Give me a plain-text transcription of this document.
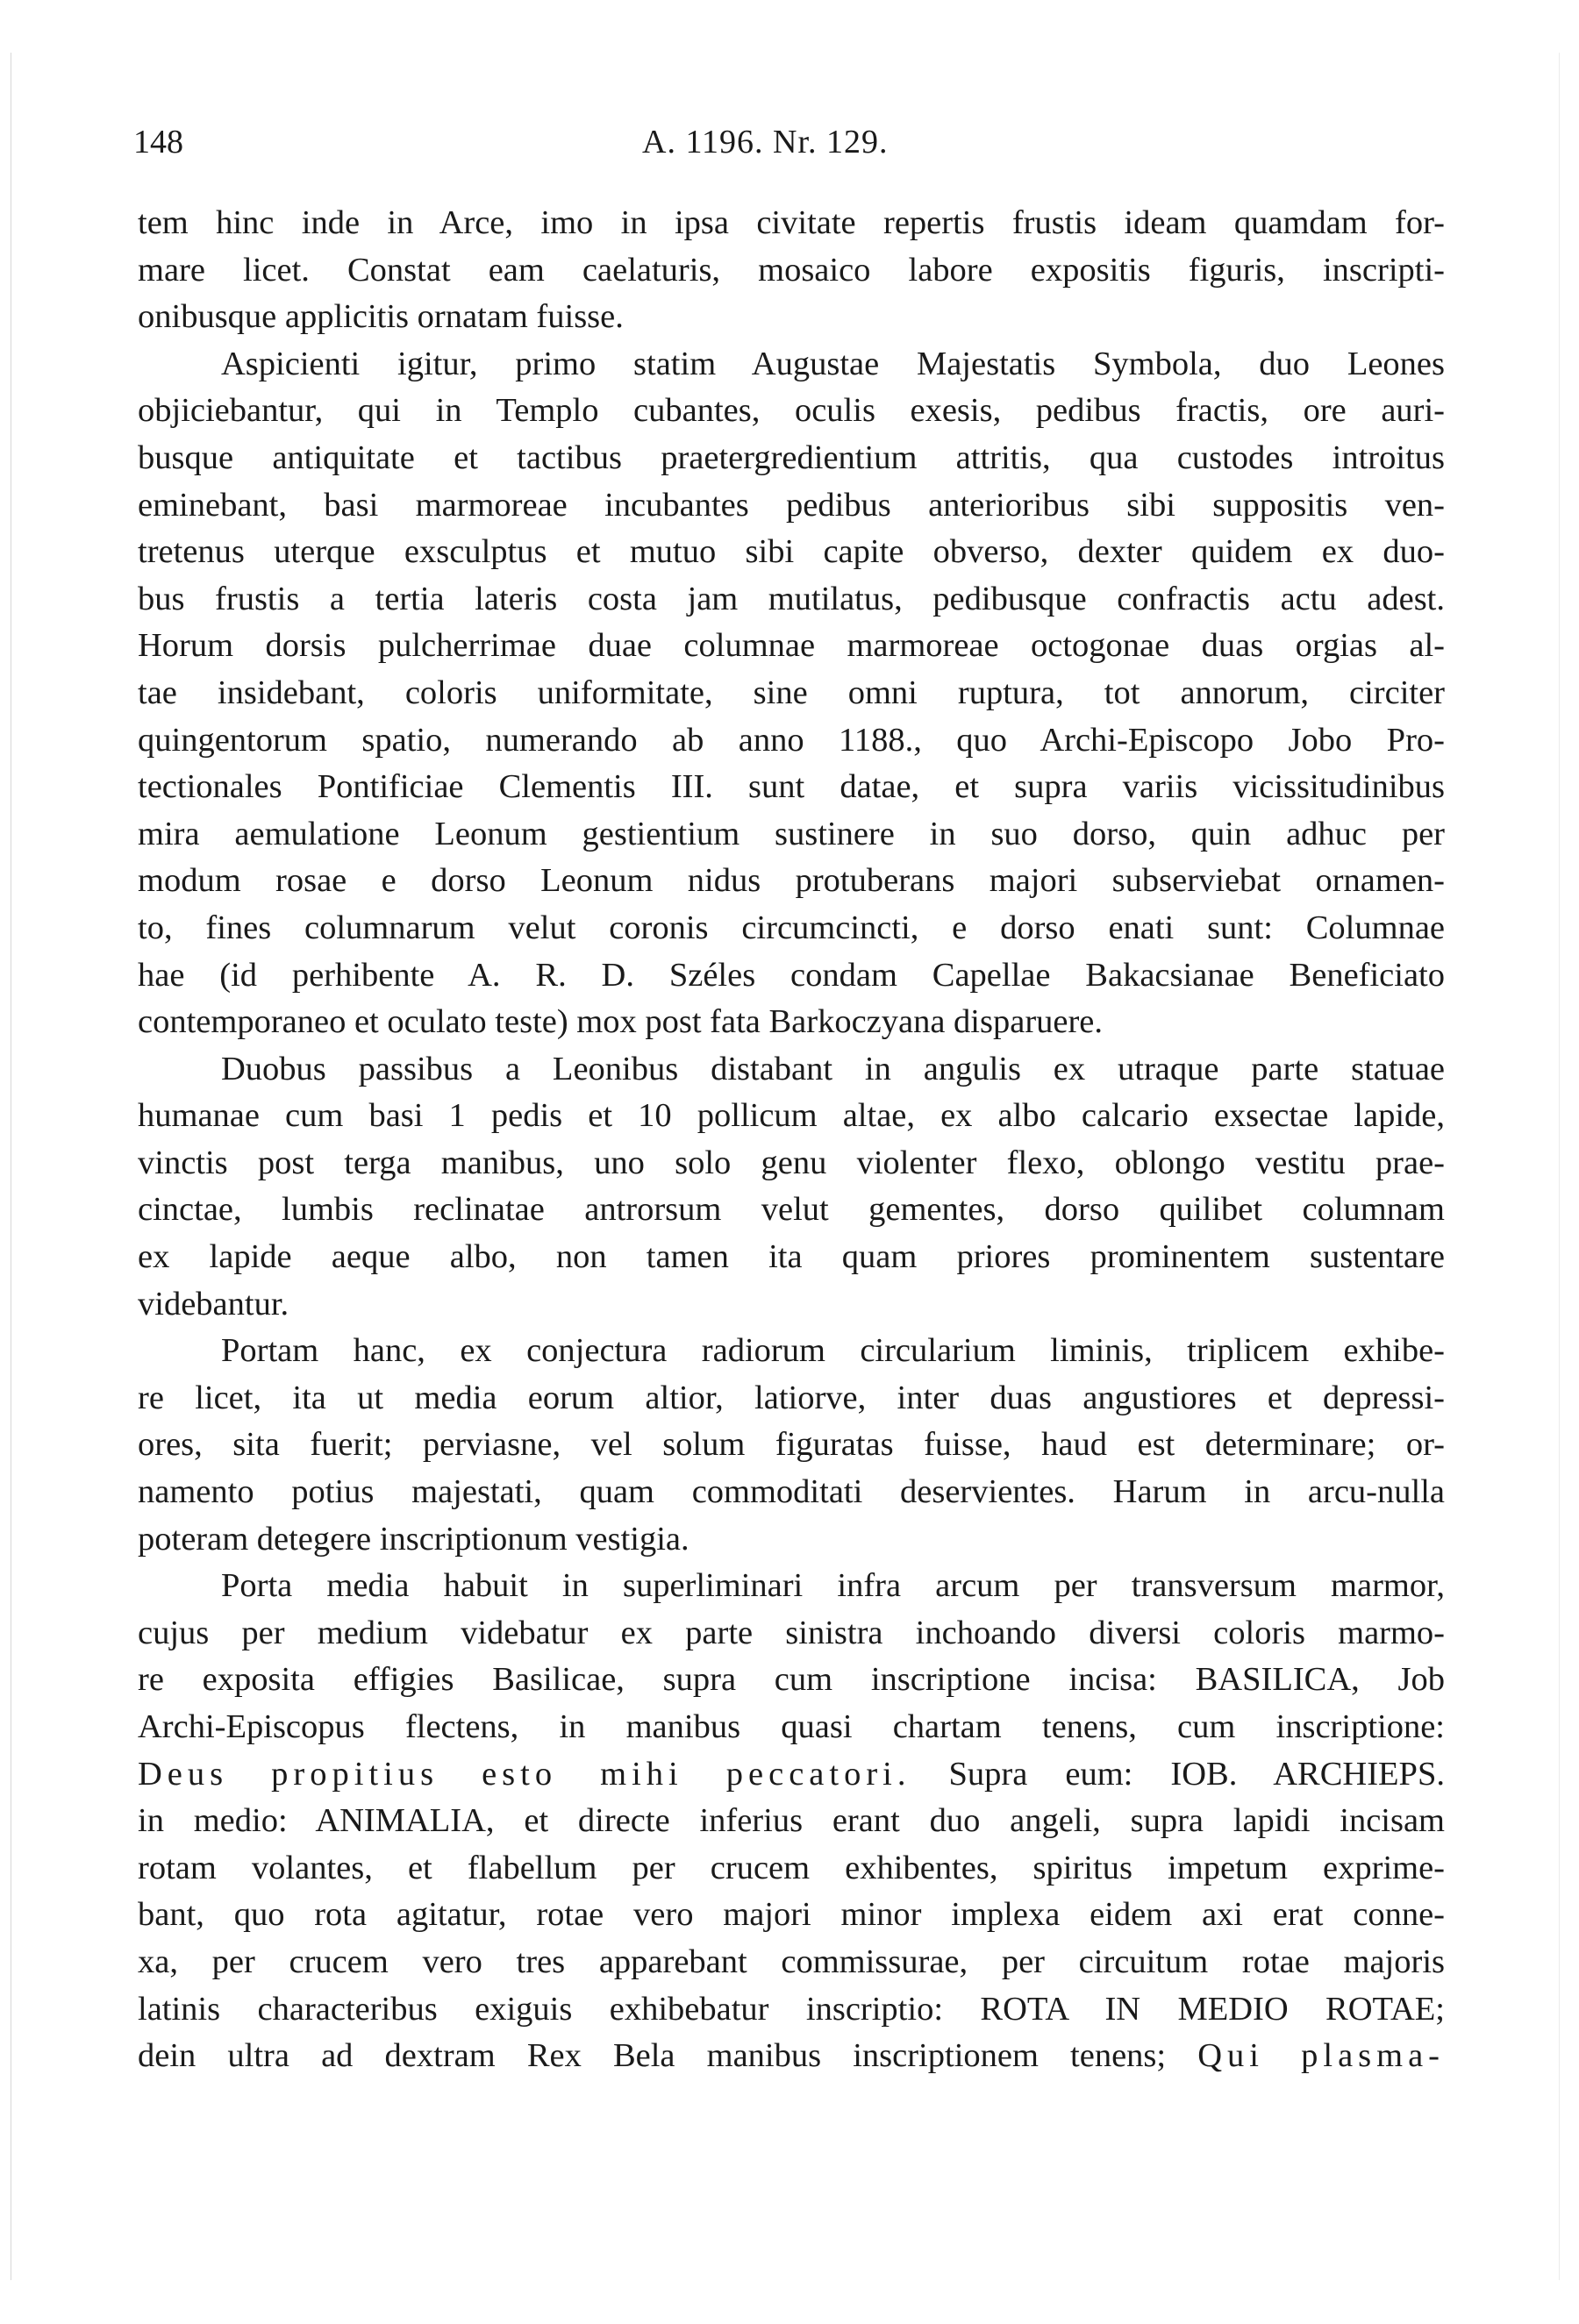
148	A. 1196. Nr. 129.
tem hinc inde in Arce, imo in ipsa civitate repertis frustis ideam quamdam for-
mare licet. Constat eam caelaturis, mosaico labore expositis figuris, inscripti-
onibusque applicitis ornatam fuisse.
Aspicienti igitur, primo statim Augustae Majestatis Symbola, duo Leones
objiciebantur, qui in Templo cubantes, oculis exesis, pedibus fractis, ore auri-
busque antiquitate et tactibus praetergredientium attritis, qua custodes introitus
eminebant, basi marmoreae incubantes pedibus anterioribus sibi suppositis ven-
tretenus uterque exsculptus et mutuo sibi capite obverso, dexter quidem ex duo-
bus frustis a tertia lateris costa jam mutilatus, pedibusque confractis actu adest.
Horum dorsis pulcherrimae duae columnae marmoreae octogonae duas orgias al-
tae insidebant, coloris uniformitate, sine omni ruptura, tot annorum, circiter
quingentorum spatio, numerando ab anno 1188., quo Archi-Episcopo Jobo Pro-
tectionales Pontificiae Clementis III. sunt datae, et supra variis vicissitudinibus
mira aemulatione Leonum gestientium sustinere in suo dorso, quin adhuc per
modum rosae e dorso Leonum nidus protuberans majori subserviebat ornamen-
to, fines columnarum velut coronis circumcincti, e dorso enati sunt: Columnae
hae (id perhibente A. R. D. Széles condam Capellae Bakacsianae Beneficiato
contemporaneo et oculato teste) mox post fata Barkoczyana disparuere.
Duobus passibus a Leonibus distabant in angulis ex utraque parte statuae
humanae cum basi 1 pedis et 10 pollicum altae, ex albo calcario exsectae lapide,
vinctis post terga manibus, uno solo genu violenter flexo, oblongo vestitu prae-
cinctae, lumbis reclinatae antrorsum velut gementes, dorso quilibet columnam
ex lapide aeque albo, non tamen ita quam priores prominentem sustentare
videbantur.
Portam hanc, ex conjectura radiorum circularium liminis, triplicem exhibe-
re licet, ita ut media eorum altior, latiorve, inter duas angustiores et depressi-
ores, sita fuerit; perviasne, vel solum figuratas fuisse, haud est determinare; or-
namento potius majestati, quam commoditati deservientes. Harum in arcu-nulla
poteram detegere inscriptionum vestigia.
Porta media habuit in superliminari infra arcum per transversum marmor,
cujus per medium videbatur ex parte sinistra inchoando diversi coloris marmo-
re exposita effigies Basilicae, supra cum inscriptione incisa: BASILICA, Job
Archi-Episcopus flectens, in manibus quasi chartam tenens, cum inscriptione:
Deus propitius esto mihi peccatori. Supra eum: IOB. ARCHIEPS.
in medio: ANIMALIA, et directe inferius erant duo angeli, supra lapidi incisam
rotam volantes, et flabellum per crucem exhibentes, spiritus impetum exprime-
bant, quo rota agitatur, rotae vero majori minor implexa eidem axi erat conne-
xa, per crucem vero tres apparebant commissurae, per circuitum rotae majoris
latinis characteribus exiguis exhibebatur inscriptio: ROTA IN MEDIO ROTAE;
dein ultra ad dextram Rex Bela manibus inscriptionem tenens; Qui plasma-
